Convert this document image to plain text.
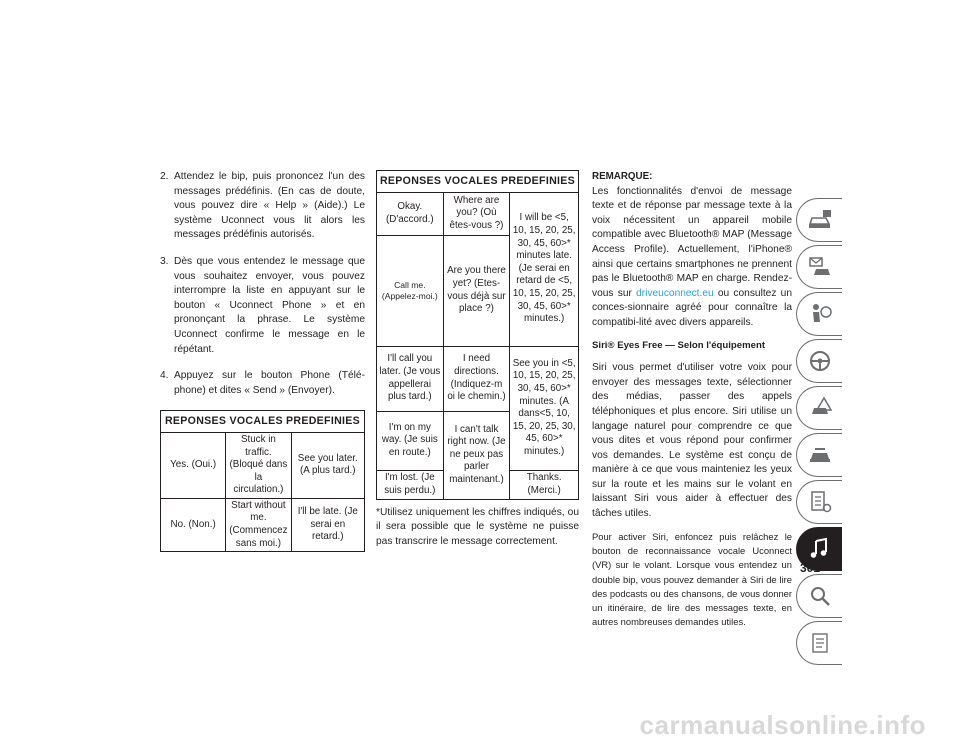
2. Attendez le bip, puis prononcez l'un des messages prédéfinis. (En cas de doute, vous pouvez dire « Help » (Aide).) Le système Uconnect vous lit alors les messages prédéfinis autorisés.
3. Dès que vous entendez le message que vous souhaitez envoyer, vous pouvez interrompre la liste en appuyant sur le bouton « Uconnect Phone » et en prononçant la phrase. Le système Uconnect confirme le message en le répétant.
4. Appuyez sur le bouton Phone (Télé-phone) et dites « Send » (Envoyer).
REPONSES VOCALES PREDEFINIES		
Yes. (Oui.)	Stuck in traffic. (Bloqué dans la circulation.)	See you later. (A plus tard.)
No. (Non.)	Start without me. (Commencez sans moi.)	I'll be late. (Je serai en retard.)
REPONSES VOCALES PREDEFINIES		
Okay. (D'accord.)	Where are you? (Où êtes-vous ?)	I will be <5, 10, 15, 20, 25, 30, 45, 60>* minutes late. (Je serai en retard de <5, 10, 15, 20, 25, 30, 45, 60>* minutes.)
Call me. (Appelez-moi.)	Are you there yet? (Etes-vous déjà sur place ?)	
I'll call you later. (Je vous appellerai plus tard.)	I need directions. (Indiquez-m oi le chemin.)	See you in <5, 10, 15, 20, 25, 30, 45, 60>* minutes. (A dans<5, 10, 15, 20, 25, 30, 45, 60>* minutes.)
I'm on my way. (Je suis en route.)	I can't talk right now. (Je ne peux pas parler maintenant.)	
I'm lost. (Je suis perdu.)		Thanks. (Merci.)
*Utilisez uniquement les chiffres indiqués, ou il sera possible que le système ne puisse pas transcrire le message correctement.
REMARQUE:
Les fonctionnalités d'envoi de message texte et de réponse par message texte à la voix nécessitent un appareil mobile compatible avec Bluetooth® MAP (Message Access Profile). Actuellement, l'iPhone® ainsi que certains smartphones ne prennent pas le Bluetooth® MAP en charge. Rendez-vous sur driveuconnect.eu ou consultez un conces-sionnaire agréé pour connaître la compatibi-lité avec divers appareils.
Siri® Eyes Free — Selon l'équipement
Siri vous permet d'utiliser votre voix pour envoyer des messages texte, sélectionner des médias, passer des appels téléphoniques et plus encore. Siri utilise un langage naturel pour comprendre ce que vous dites et vous répond pour confirmer vos demandes. Le système est conçu de manière à ce que vous mainteniez les yeux sur la route et les mains sur le volant en laissant Siri vous aider à effectuer des tâches utiles.
Pour activer Siri, enfoncez puis relâchez le bouton de reconnaissance vocale Uconnect (VR) sur le volant. Lorsque vous entendez un double bip, vous pouvez demander à Siri de lire des podcasts ou des chansons, de vous donner un itinéraire, de lire des messages texte, en autres nombreuses demandes utiles.
301
carmanualsonline.info
